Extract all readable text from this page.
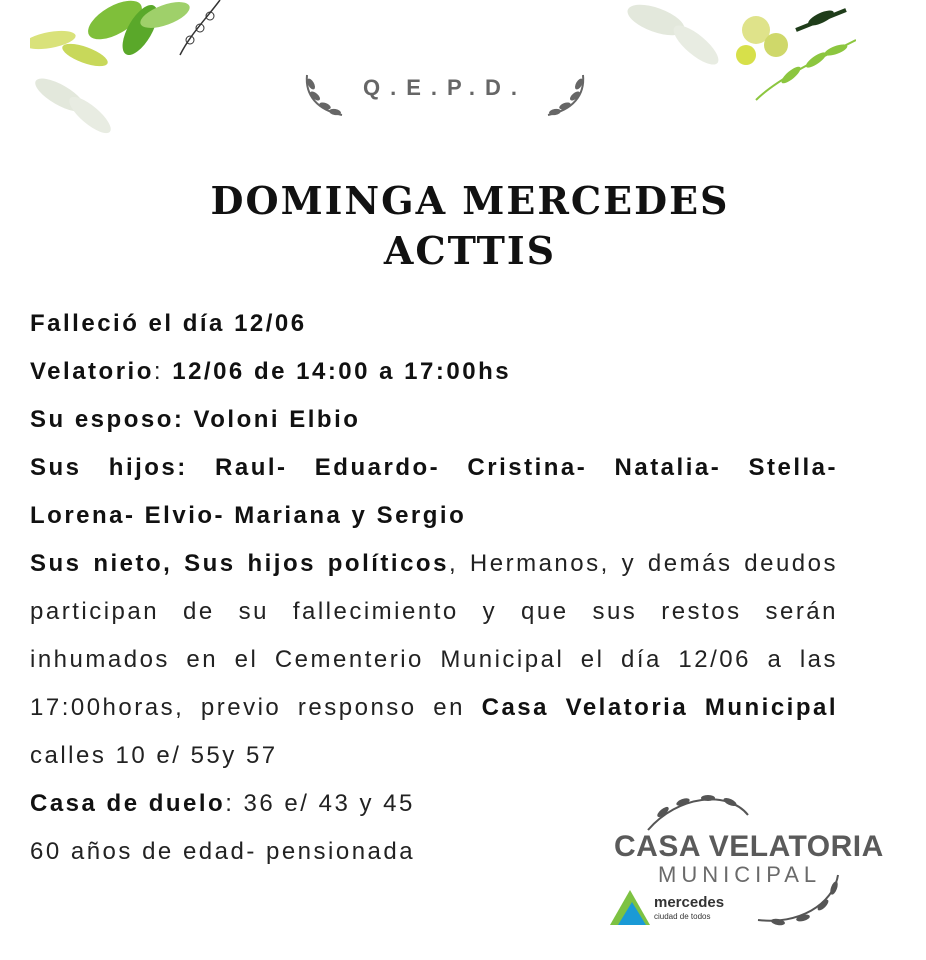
Q.E.P.D.
DOMINGA MERCEDES
ACTTIS

Falleció el día 12/06

Velatorio: 12/06 de 14:00 a 17:00hs

Su esposo: Voloni Elbio

Sus hijos: Raul- Eduardo- Cristina- Natalia- Stella- Lorena- Elvio- Mariana y Sergio

Sus nieto, Sus hijos políticos, Hermanos, y demás deudos participan de su fallecimiento y que sus restos serán inhumados en el Cementerio Municipal el día 12/06 a las 17:00horas, previo responso en Casa Velatoria Municipal calles 10 e/ 55y 57

Casa de duelo: 36 e/ 43 y 45

60 años de edad- pensionada	CASA VELATORIA
MUNICIPAL
mercedes
ciudad de todos
